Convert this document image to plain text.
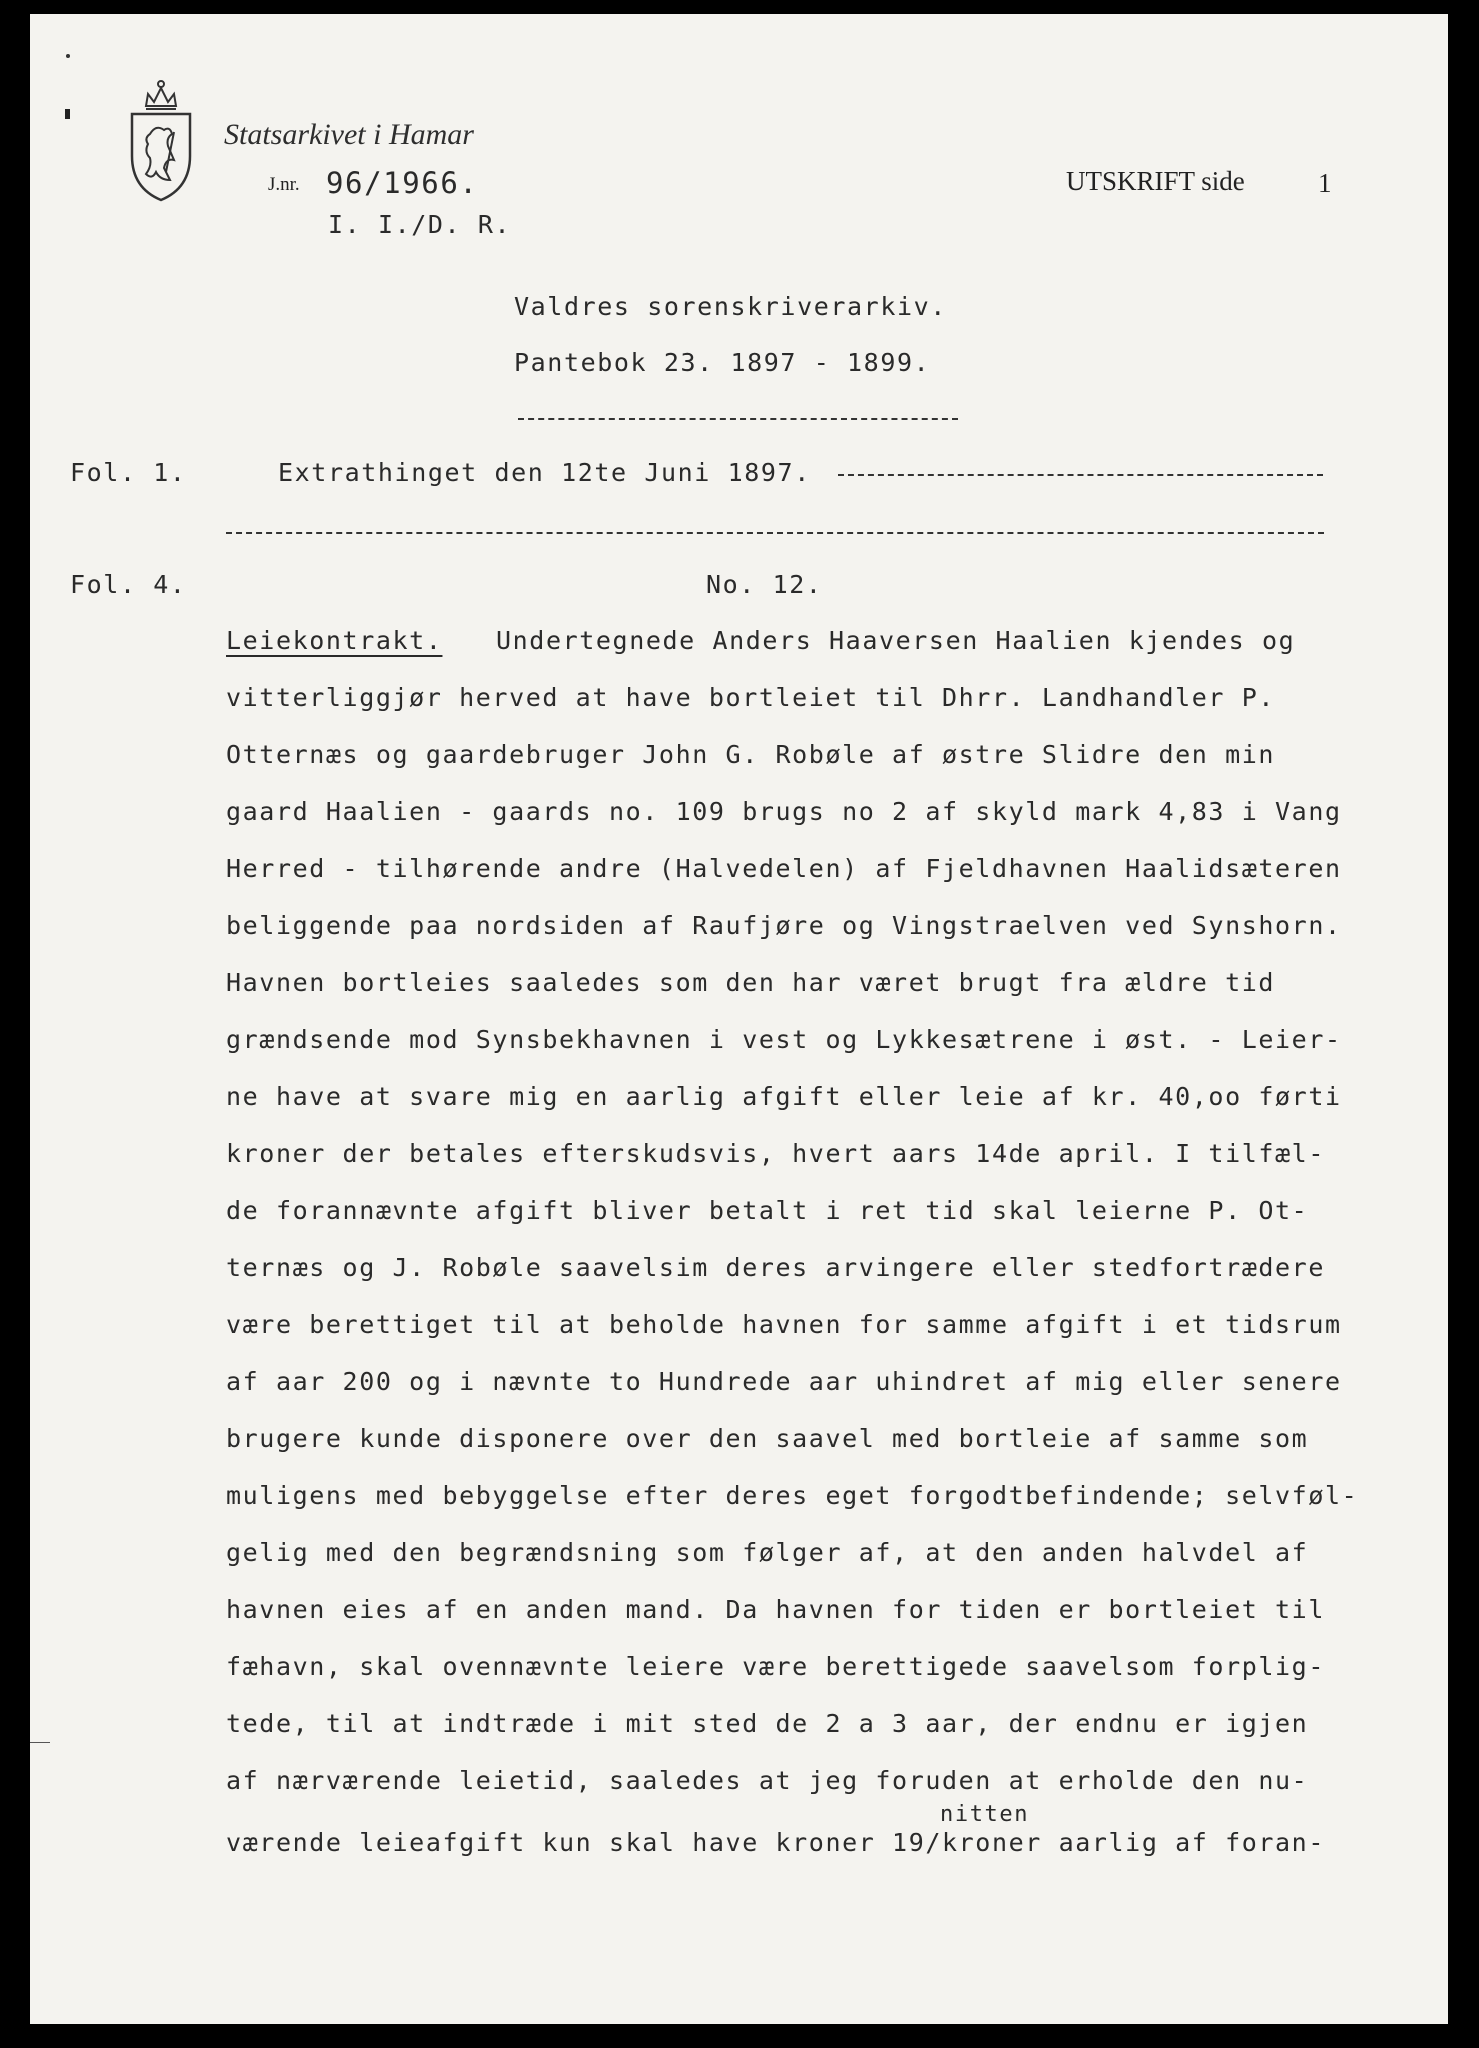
Statsarkivet i Hamar
J.nr. 96/1966.
I. I./D. R.
UTSKRIFT side	1
Valdres sorenskriverarkiv.
Pantebok 23. 1897 - 1899.
Fol. 1.	Extrathinget den 12te Juni 1897.
Fol. 4.	No. 12.
Leiekontrakt. Undertegnede Anders Haaversen Haalien kjendes og
vitterliggjør herved at have bortleiet til Dhrr. Landhandler P.
Otternæs og gaardebruger John G. Robøle af østre Slidre den min
gaard Haalien - gaards no. 109 brugs no 2 af skyld mark 4,83 i Vang
Herred - tilhørende andre (Halvedelen) af Fjeldhavnen Haalidsæteren
beliggende paa nordsiden af Raufjøre og Vingstraelven ved Synshorn.
Havnen bortleies saaledes som den har været brugt fra ældre tid
grændsende mod Synsbekhavnen i vest og Lykkesætrene i øst. - Leier-
ne have at svare mig en aarlig afgift eller leie af kr. 40,oo førti
kroner der betales efterskudsvis, hvert aars 14de april. I tilfæl-
de forannævnte afgift bliver betalt i ret tid skal leierne P. Ot-
ternæs og J. Robøle saavelsim deres arvingere eller stedfortrædere
være berettiget til at beholde havnen for samme afgift i et tidsrum
af aar 200 og i nævnte to Hundrede aar uhindret af mig eller senere
brugere kunde disponere over den saavel med bortleie af samme som
muligens med bebyggelse efter deres eget forgodtbefindende; selvføl-
gelig med den begrændsning som følger af, at den anden halvdel af
havnen eies af en anden mand. Da havnen for tiden er bortleiet til
fæhavn, skal ovennævnte leiere være berettigede saavelsom forplig-
tede, til at indtræde i mit sted de 2 a 3 aar, der endnu er igjen
af nærværende leietid, saaledes at jeg foruden at erholde den nu-
nitten
værende leieafgift kun skal have kroner 19/kroner aarlig af foran-
